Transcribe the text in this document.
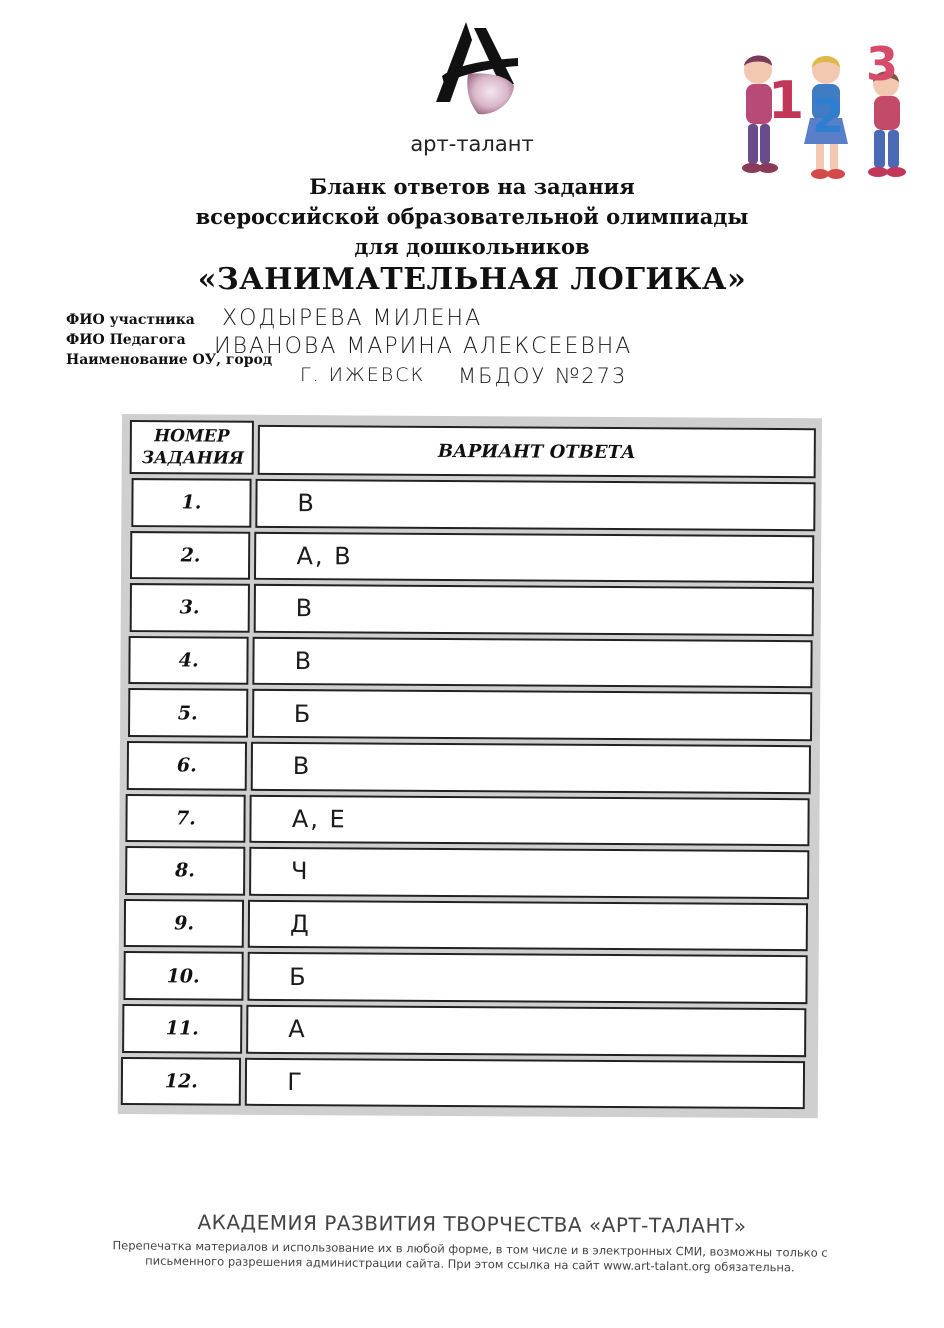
арт-талант
1 2
3
Бланк ответов на задания
всероссийской образовательной олимпиады
для дошкольников
«ЗАНИМАТЕЛЬНАЯ ЛОГИКА»
ФИО участника ХОДЫРЕВА МИЛЕНА
ФИО Педагога ИВАНОВА МАРИНА АЛЕКСЕЕВНА
Наименование ОУ, город
Г. ИЖЕВСК МБДОУ №273
НОМЕР ЗАДАНИЯ	ВАРИАНТ ОТВЕТА
1.	В
2.	А, В
3.	В
4.	В
5.	Б
6.	В
7.	А, Е
8.	Ч
9.	Д
10.	Б
11.	А
12.	Г
АКАДЕМИЯ РАЗВИТИЯ ТВОРЧЕСТВА «АРТ-ТАЛАНТ»
Перепечатка материалов и использование их в любой форме, в том числе и в электронных СМИ, возможны только с
письменного разрешения администрации сайта. При этом ссылка на сайт www.art-talant.org обязательна.
